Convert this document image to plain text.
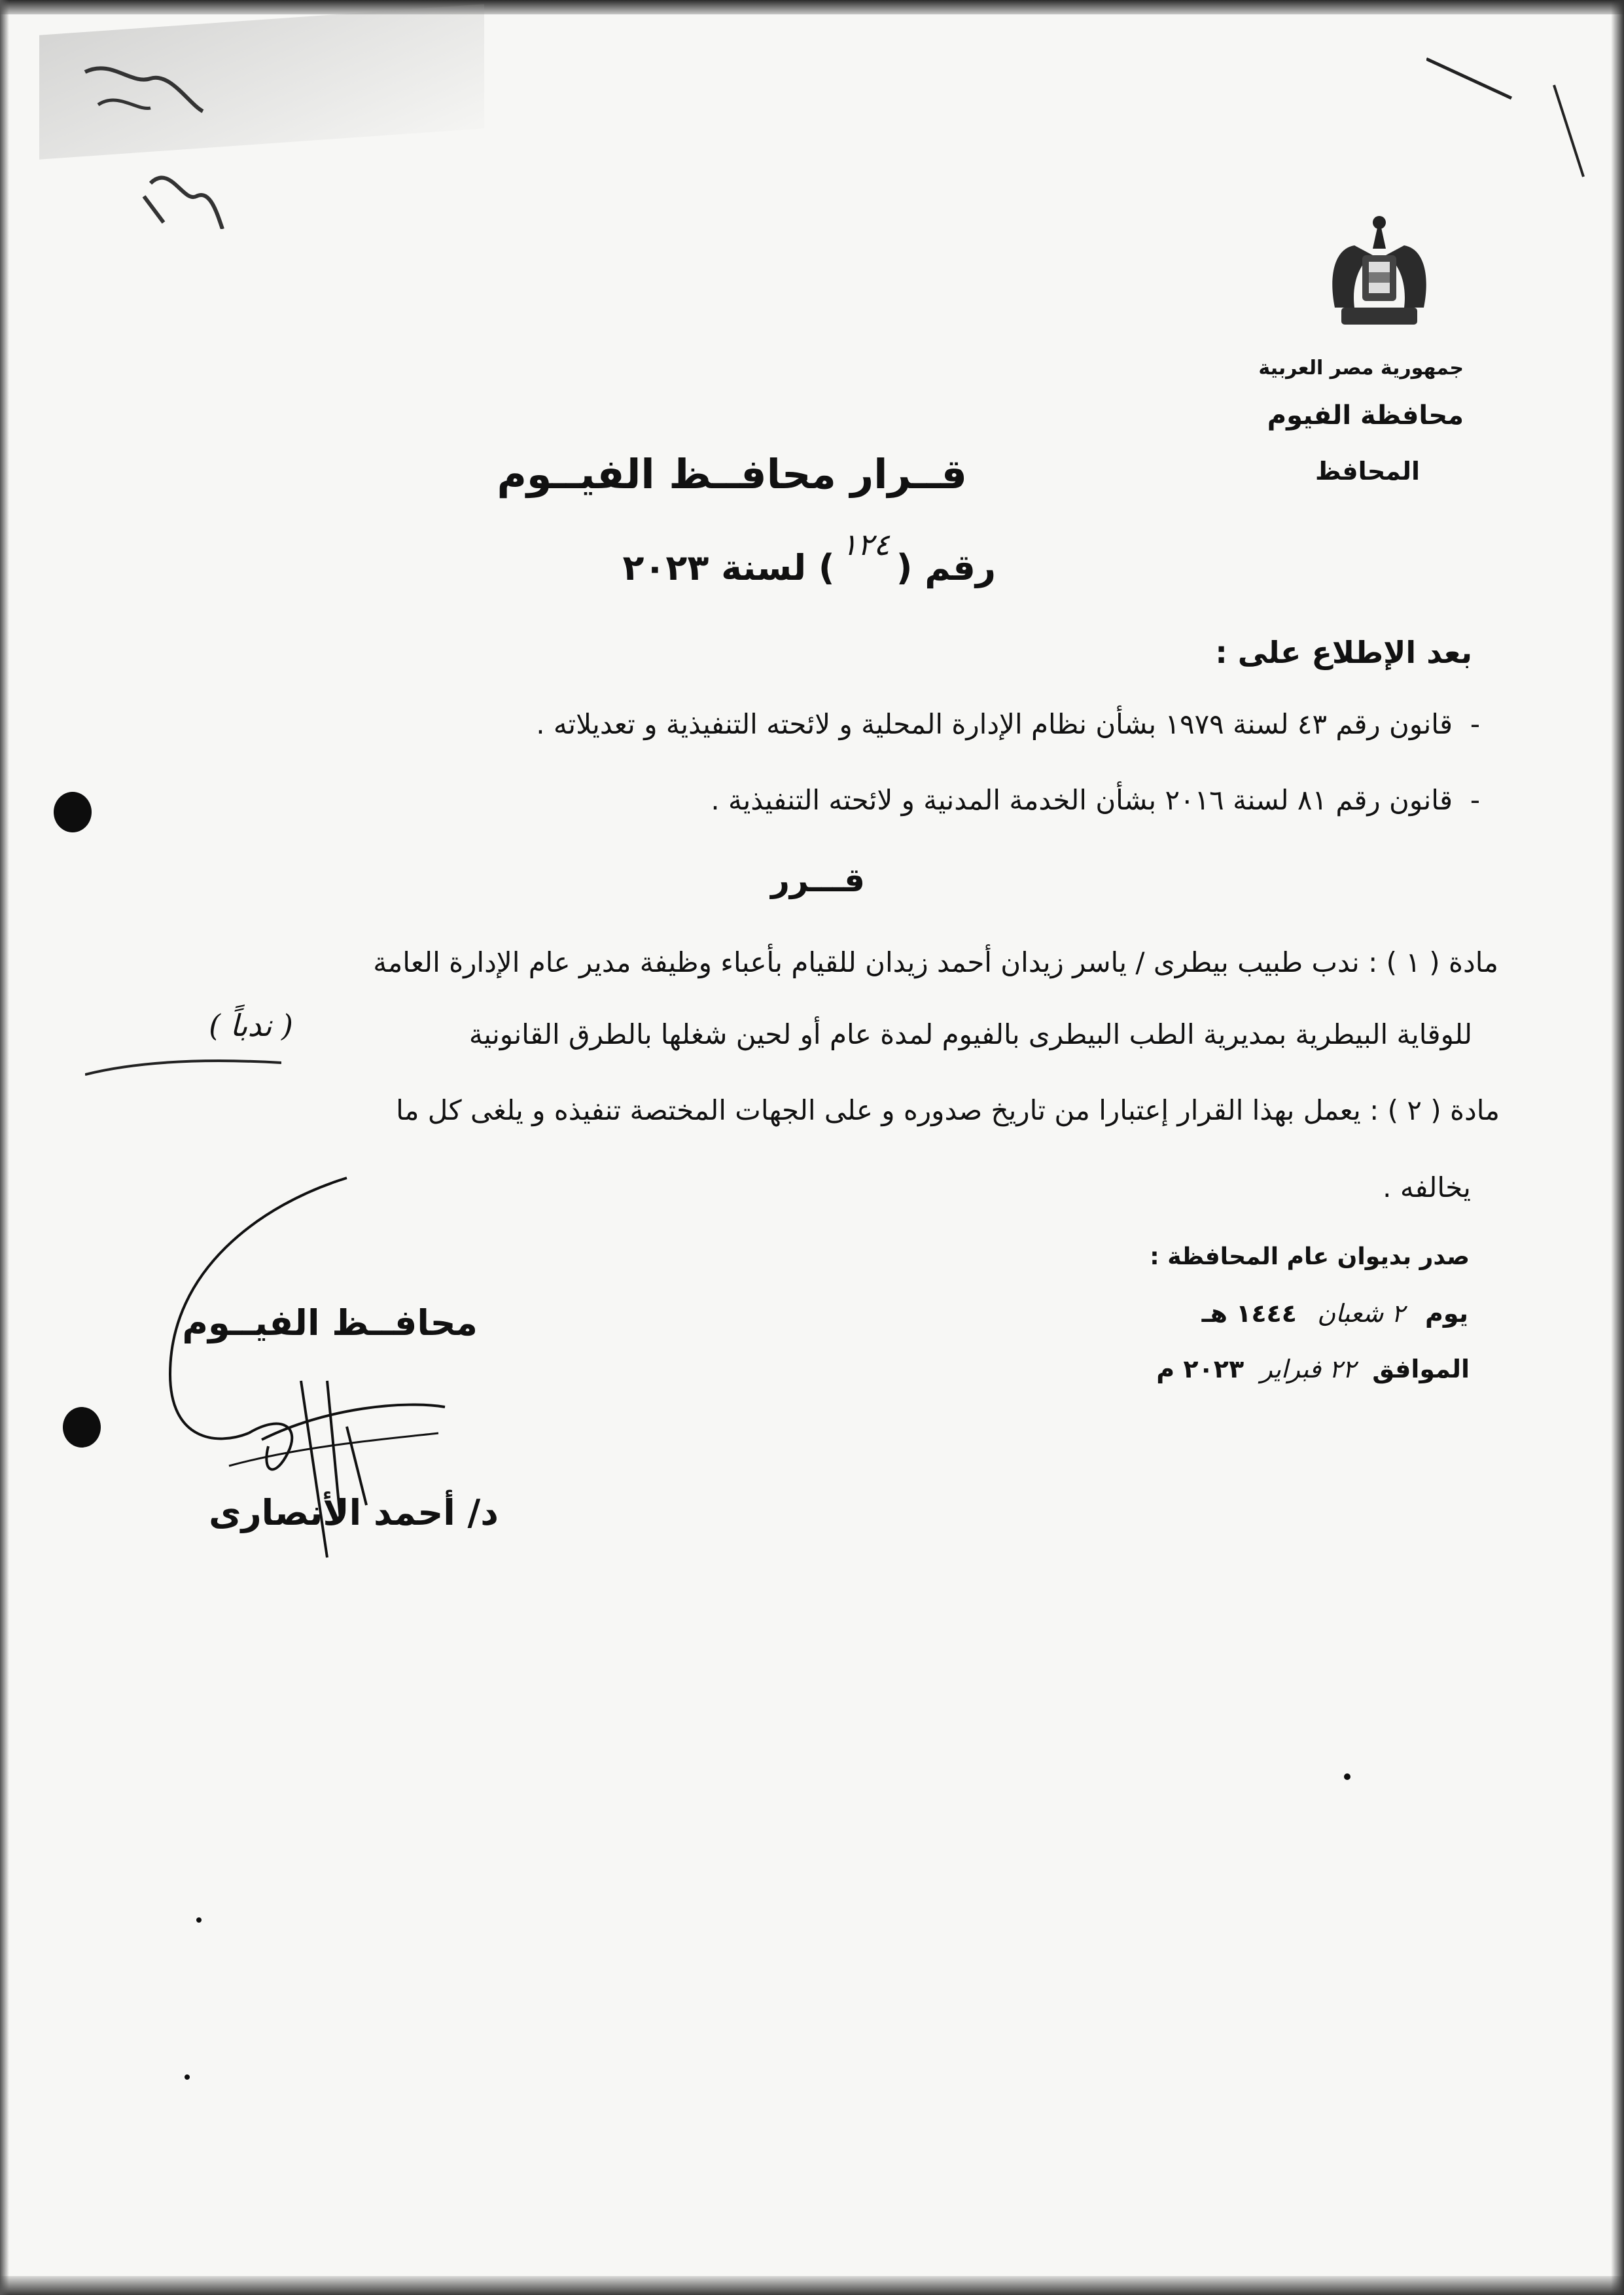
جمهورية مصر العربية
محافظة الفيوم
المحافظ
قــرار محافــظ الفيــوم
رقم (١٢٤) لسنة ٢٠٢٣
بعد الإطلاع على :
-  قانون رقم ٤٣ لسنة ١٩٧٩ بشأن نظام الإدارة المحلية و لائحته التنفيذية و تعديلاته .
-  قانون رقم ٨١ لسنة ٢٠١٦ بشأن الخدمة المدنية و لائحته التنفيذية .
قـــرر
مادة ( ١ ) : ندب طبيب بيطرى / ياسر زيدان أحمد زيدان للقيام بأعباء وظيفة مدير عام الإدارة العامة
للوقاية البيطرية بمديرية الطب البيطرى بالفيوم لمدة عام أو لحين شغلها بالطرق القانونية
( ندباً )
مادة ( ٢ ) : يعمل بهذا القرار إعتبارا من تاريخ صدوره و على الجهات المختصة تنفيذه و يلغى كل ما
يخالفه .
صدر بديوان عام المحافظة :
يوم ٢ شعبان ١٤٤٤ هـ
الموافق ٢٢ فبراير ٢٠٢٣ م
محافــظ الفيــوم
د/ أحمد الأنصارى
